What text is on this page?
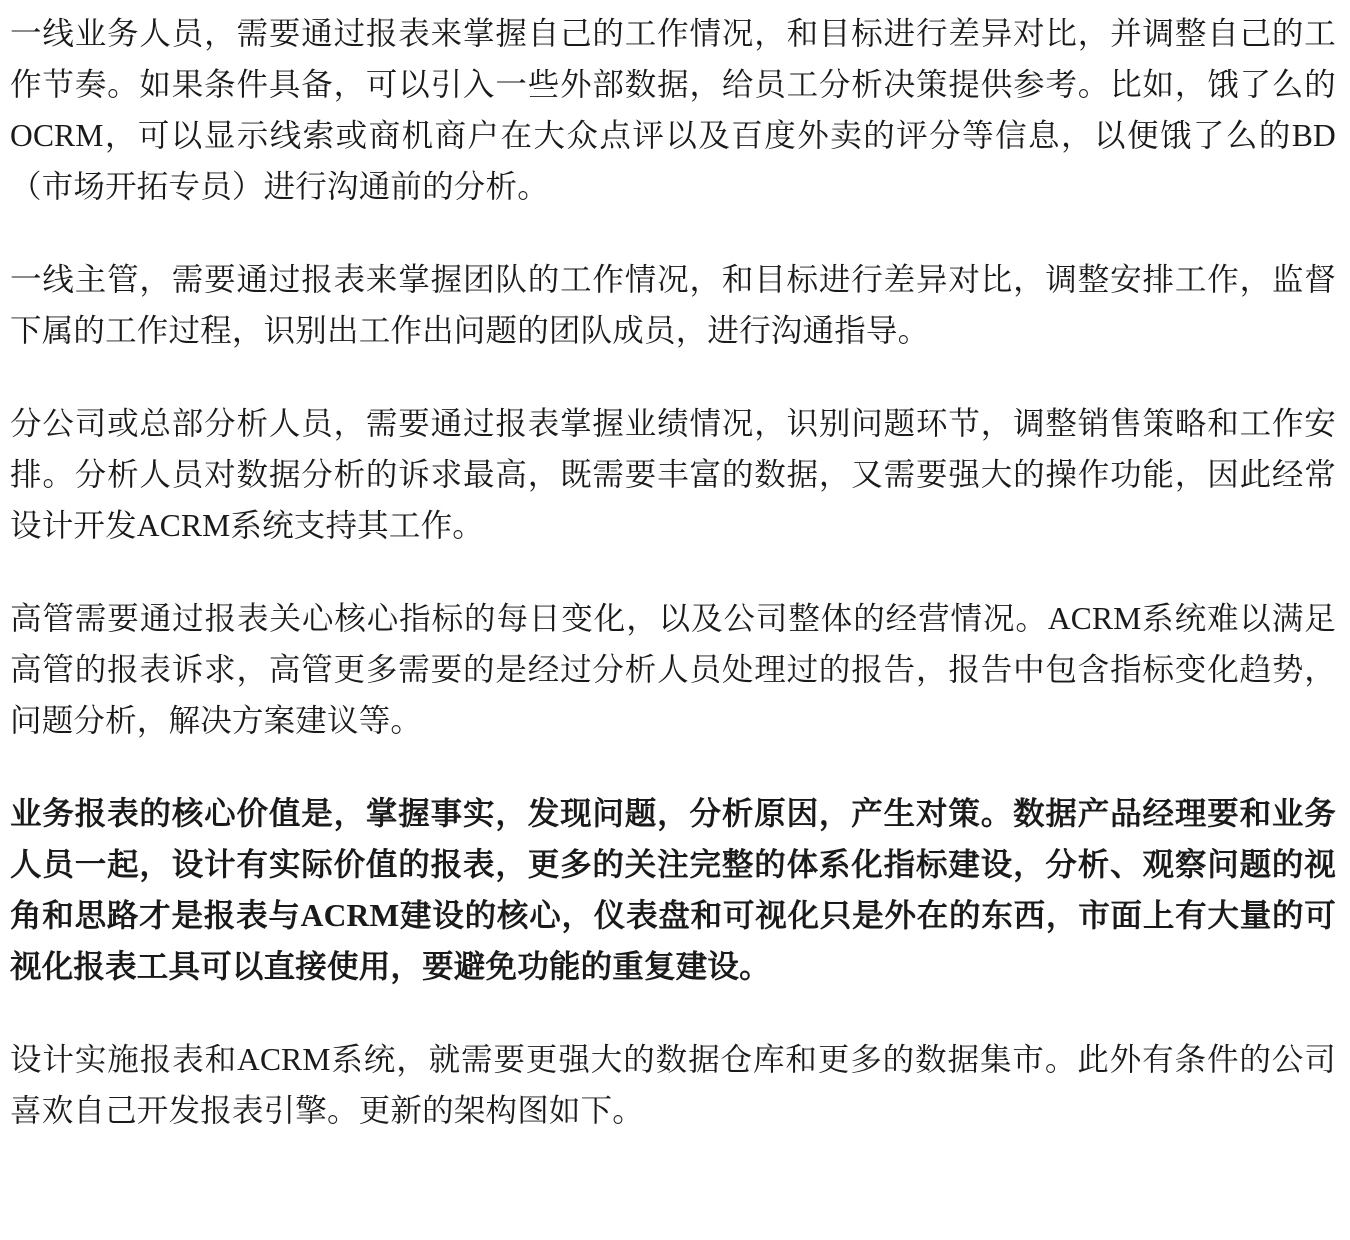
一线业务人员，需要通过报表来掌握自己的工作情况，和目标进行差异对比，并调整自己的工作节奏。如果条件具备，可以引入一些外部数据，给员工分析决策提供参考。比如，饿了么的OCRM，可以显示线索或商机商户在大众点评以及百度外卖的评分等信息，以便饿了么的BD（市场开拓专员）进行沟通前的分析。

一线主管，需要通过报表来掌握团队的工作情况，和目标进行差异对比，调整安排工作，监督下属的工作过程，识别出工作出问题的团队成员，进行沟通指导。

分公司或总部分析人员，需要通过报表掌握业绩情况，识别问题环节，调整销售策略和工作安排。分析人员对数据分析的诉求最高，既需要丰富的数据，又需要强大的操作功能，因此经常设计开发ACRM系统支持其工作。

高管需要通过报表关心核心指标的每日变化，以及公司整体的经营情况。ACRM系统难以满足高管的报表诉求，高管更多需要的是经过分析人员处理过的报告，报告中包含指标变化趋势，问题分析，解决方案建议等。

业务报表的核心价值是，掌握事实，发现问题，分析原因，产生对策。数据产品经理要和业务人员一起，设计有实际价值的报表，更多的关注完整的体系化指标建设，分析、观察问题的视角和思路才是报表与ACRM建设的核心，仪表盘和可视化只是外在的东西，市面上有大量的可视化报表工具可以直接使用，要避免功能的重复建设。

设计实施报表和ACRM系统，就需要更强大的数据仓库和更多的数据集市。此外有条件的公司喜欢自己开发报表引擎。更新的架构图如下。
